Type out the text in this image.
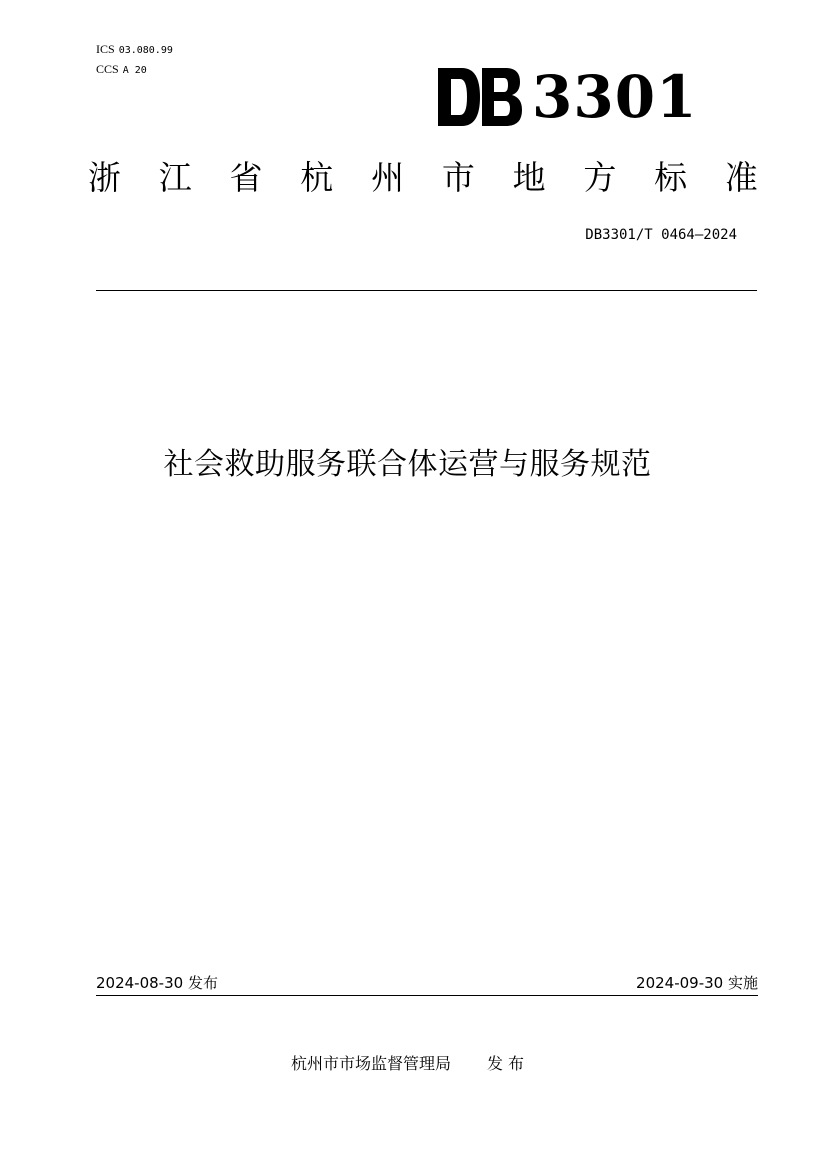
ICS 03.080.99
CCS A 20	3301
浙 江 省 杭 州 市 地 方 标 准
DB3301/T 0464—2024
社会救助服务联合体运营与服务规范
2024-08-30 发布	2024-09-30 实施
杭州市市场监督管理局 发 布
